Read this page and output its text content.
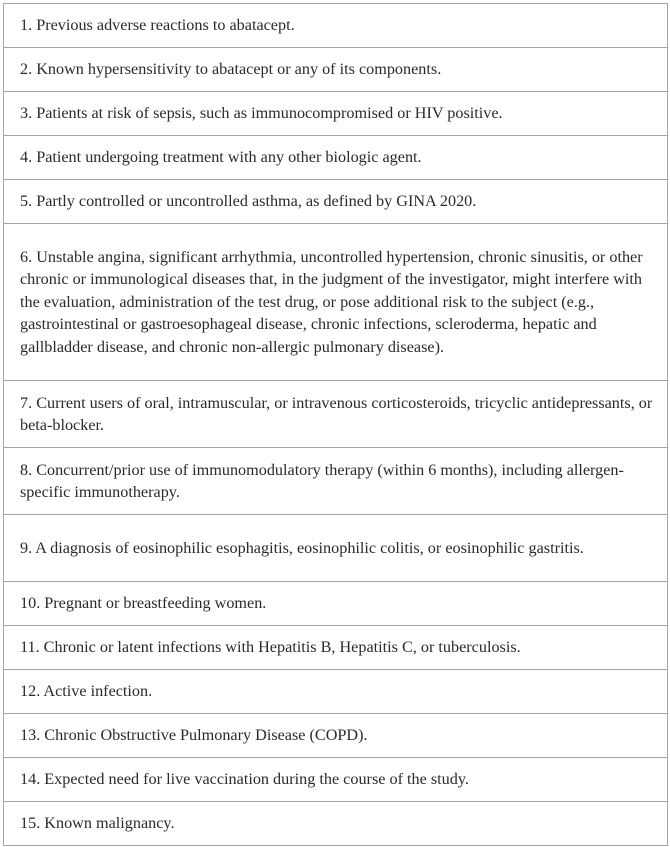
1. Previous adverse reactions to abatacept.
2. Known hypersensitivity to abatacept or any of its components.
3. Patients at risk of sepsis, such as immunocompromised or HIV positive.
4. Patient undergoing treatment with any other biologic agent.
5. Partly controlled or uncontrolled asthma, as defined by GINA 2020.
6. Unstable angina, significant arrhythmia, uncontrolled hypertension, chronic sinusitis, or other chronic or immunological diseases that, in the judgment of the investigator, might interfere with the evaluation, administration of the test drug, or pose additional risk to the subject (e.g., gastrointestinal or gastroesophageal disease, chronic infections, scleroderma, hepatic and gallbladder disease, and chronic non-allergic pulmonary disease).
7. Current users of oral, intramuscular, or intravenous corticosteroids, tricyclic antidepressants, or beta-blocker.
8. Concurrent/prior use of immunomodulatory therapy (within 6 months), including allergen-specific immunotherapy.
9. A diagnosis of eosinophilic esophagitis, eosinophilic colitis, or eosinophilic gastritis.
10. Pregnant or breastfeeding women.
11. Chronic or latent infections with Hepatitis B, Hepatitis C, or tuberculosis.
12. Active infection.
13. Chronic Obstructive Pulmonary Disease (COPD).
14. Expected need for live vaccination during the course of the study.
15. Known malignancy.
